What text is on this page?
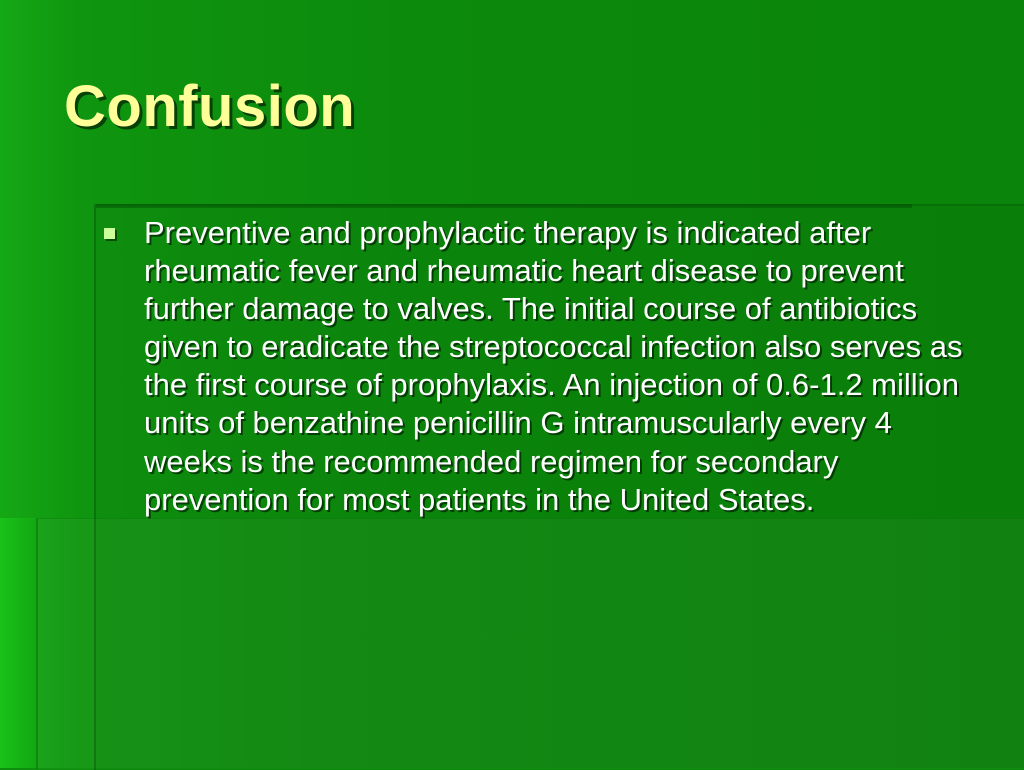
Confusion

Preventive and prophylactic therapy is indicated after rheumatic fever and rheumatic heart disease to prevent further damage to valves. The initial course of antibiotics given to eradicate the streptococcal infection also serves as the first course of prophylaxis. An injection of 0.6-1.2 million units of benzathine penicillin G intramuscularly every 4 weeks is the recommended regimen for secondary prevention for most patients in the United States.
